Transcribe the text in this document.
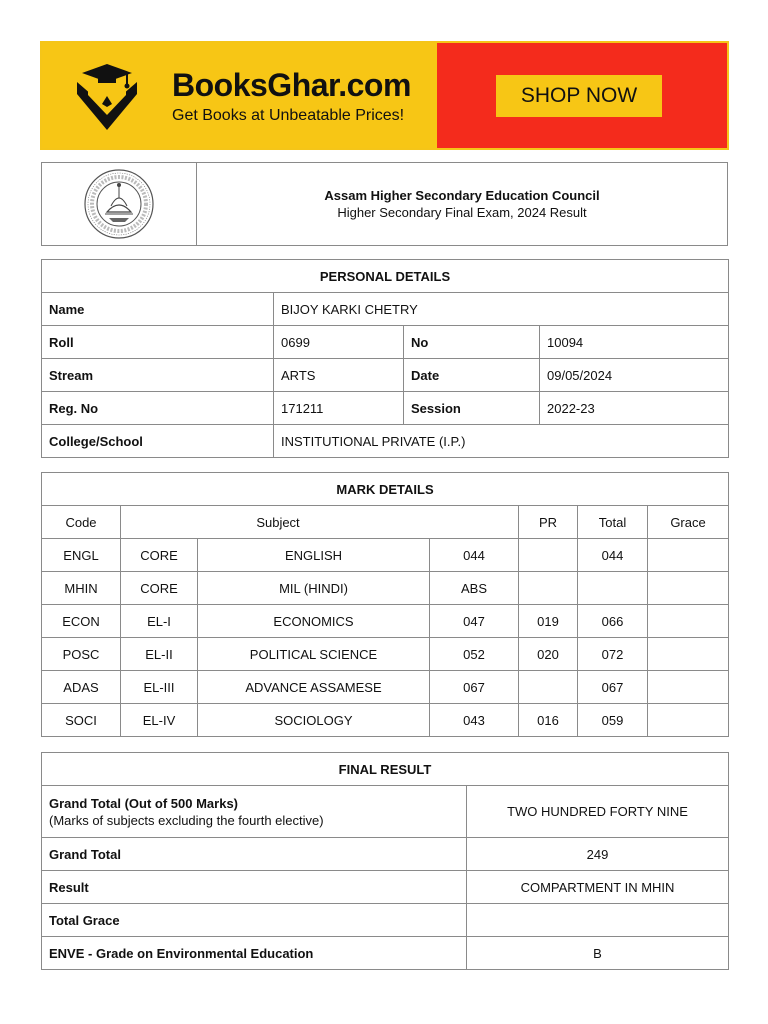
BooksGhar.com
Get Books at Unbeatable Prices!
SHOP NOW
Assam Higher Secondary Education Council
Higher Secondary Final Exam, 2024 Result
PERSONAL DETAILS			
Name	BIJOY KARKI CHETRY		
Roll	0699	No	10094
Stream	ARTS	Date	09/05/2024
Reg. No	171211	Session	2022-23
College/School	INSTITUTIONAL PRIVATE (I.P.)		
MARK DETAILS						
Code	Subject			PR	Total	Grace
ENGL	CORE	ENGLISH	044		044	
MHIN	CORE	MIL (HINDI)	ABS			
ECON	EL-I	ECONOMICS	047	019	066	
POSC	EL-II	POLITICAL SCIENCE	052	020	072	
ADAS	EL-III	ADVANCE ASSAMESE	067		067	
SOCI	EL-IV	SOCIOLOGY	043	016	059	
FINAL RESULT	
Grand Total (Out of 500 Marks)
(Marks of subjects excluding the fourth elective)	TWO HUNDRED FORTY NINE
Grand Total	249
Result	COMPARTMENT IN MHIN
Total Grace	
ENVE - Grade on Environmental Education	B
